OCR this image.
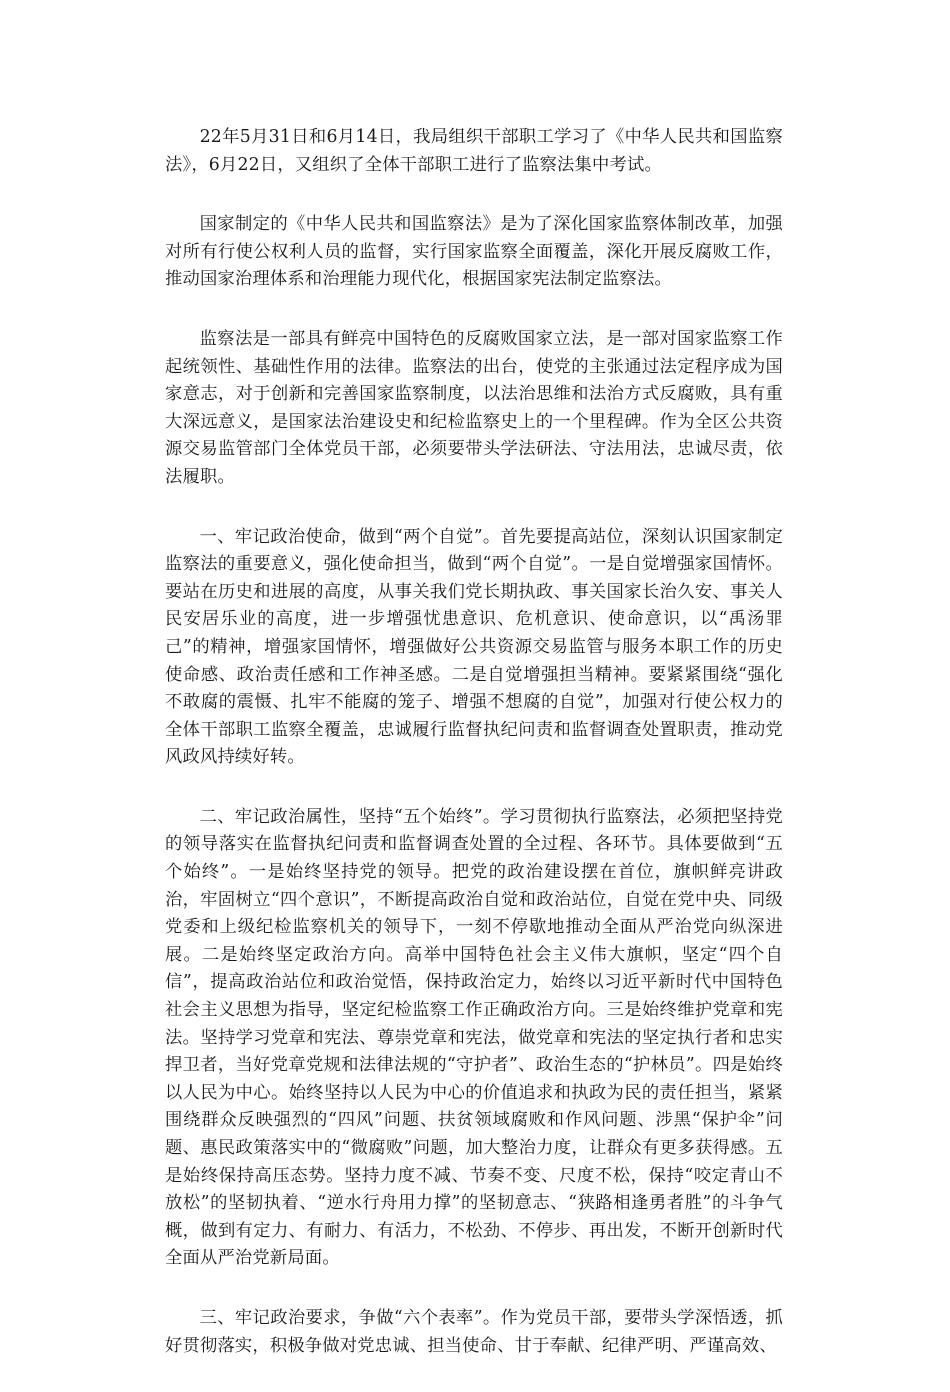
22年5月31日和6月14日，我局组织干部职工学习了《中华人民共和国监察法》，6月22日，又组织了全体干部职工进行了监察法集中考试。

国家制定的《中华人民共和国监察法》是为了深化国家监察体制改革，加强对所有行使公权利人员的监督，实行国家监察全面覆盖，深化开展反腐败工作，推动国家治理体系和治理能力现代化，根据国家宪法制定监察法。

监察法是一部具有鲜亮中国特色的反腐败国家立法，是一部对国家监察工作起统领性、基础性作用的法律。监察法的出台，使党的主张通过法定程序成为国家意志，对于创新和完善国家监察制度，以法治思维和法治方式反腐败，具有重大深远意义，是国家法治建设史和纪检监察史上的一个里程碑。作为全区公共资源交易监管部门全体党员干部，必须要带头学法研法、守法用法，忠诚尽责，依法履职。

一、牢记政治使命，做到“两个自觉”。首先要提高站位，深刻认识国家制定监察法的重要意义，强化使命担当，做到“两个自觉”。一是自觉增强家国情怀。要站在历史和进展的高度，从事关我们党长期执政、事关国家长治久安、事关人民安居乐业的高度，进一步增强忧患意识、危机意识、使命意识，以“禹汤罪己”的精神，增强家国情怀，增强做好公共资源交易监管与服务本职工作的历史使命感、政治责任感和工作神圣感。二是自觉增强担当精神。要紧紧围绕“强化不敢腐的震慑、扎牢不能腐的笼子、增强不想腐的自觉”，加强对行使公权力的全体干部职工监察全覆盖，忠诚履行监督执纪问责和监督调查处置职责，推动党风政风持续好转。

二、牢记政治属性，坚持“五个始终”。学习贯彻执行监察法，必须把坚持党的领导落实在监督执纪问责和监督调查处置的全过程、各环节。具体要做到“五个始终”。一是始终坚持党的领导。把党的政治建设摆在首位，旗帜鲜亮讲政治，牢固树立“四个意识”，不断提高政治自觉和政治站位，自觉在党中央、同级党委和上级纪检监察机关的领导下，一刻不停歇地推动全面从严治党向纵深进展。二是始终坚定政治方向。高举中国特色社会主义伟大旗帜，坚定“四个自信”，提高政治站位和政治觉悟，保持政治定力，始终以习近平新时代中国特色社会主义思想为指导，坚定纪检监察工作正确政治方向。三是始终维护党章和宪法。坚持学习党章和宪法、尊崇党章和宪法，做党章和宪法的坚定执行者和忠实捍卫者，当好党章党规和法律法规的“守护者”、政治生态的“护林员”。四是始终以人民为中心。始终坚持以人民为中心的价值追求和执政为民的责任担当，紧紧围绕群众反映强烈的“四风”问题、扶贫领域腐败和作风问题、涉黑“保护伞”问题、惠民政策落实中的“微腐败”问题，加大整治力度，让群众有更多获得感。五是始终保持高压态势。坚持力度不减、节奏不变、尺度不松，保持“咬定青山不放松”的坚韧执着、“逆水行舟用力撑”的坚韧意志、“狭路相逢勇者胜”的斗争气概，做到有定力、有耐力、有活力，不松劲、不停步、再出发，不断开创新时代全面从严治党新局面。

三、牢记政治要求，争做“六个表率”。作为党员干部，要带头学深悟透，抓好贯彻落实，积极争做对党忠诚、担当使命、甘于奉献、纪律严明、严谨高效、
